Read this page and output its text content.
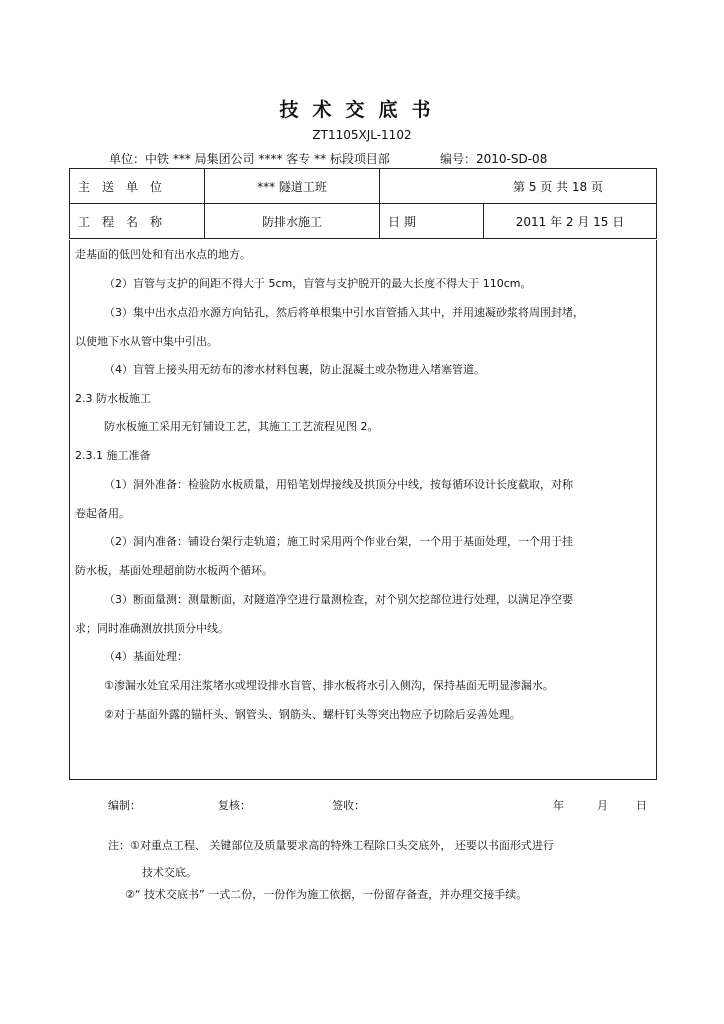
技术交底书
ZT1105XJL-1102
单位：中铁 *** 局集团公司 **** 客专 ** 标段项目部	编号：2010-SD-08
主送单位	*** 隧道工班	第 5 页 共 18 页	
工程名称	防排水施工	日 期	2011 年 2 月 15 日
走基面的低凹处和有出水点的地方。
（2）盲管与支护的间距不得大于 5cm，盲管与支护脱开的最大长度不得大于 110cm。
（3）集中出水点沿水源方向钻孔，然后将单根集中引水盲管插入其中，并用速凝砂浆将周围封堵，
以使地下水从管中集中引出。
（4）盲管上接头用无纺布的渗水材料包裹，防止混凝土或杂物进入堵塞管道。
2.3 防水板施工
防水板施工采用无钉铺设工艺，其施工工艺流程见图 2。
2.3.1 施工准备
（1）洞外准备：检验防水板质量，用铅笔划焊接线及拱顶分中线，按每循环设计长度截取，对称
卷起备用。
（2）洞内准备：铺设台架行走轨道；施工时采用两个作业台架，一个用于基面处理，一个用于挂
防水板，基面处理超前防水板两个循环。
（3）断面量测：测量断面，对隧道净空进行量测检查，对个别欠挖部位进行处理，以满足净空要
求；同时准确测放拱顶分中线。
（4）基面处理：
①渗漏水处宜采用注浆堵水或埋设排水盲管、排水板将水引入侧沟，保持基面无明显渗漏水。
②对于基面外露的锚杆头、钢管头、钢筋头、螺杆钉头等突出物应予切除后妥善处理。
编制：	复核：	签收：	年	月	日
注：①对重点工程、 关键部位及质量要求高的特殊工程除口头交底外， 还要以书面形式进行
技术交底。
②“ 技术交底书” 一式二份，一份作为施工依据，一份留存备查，并办理交接手续。
